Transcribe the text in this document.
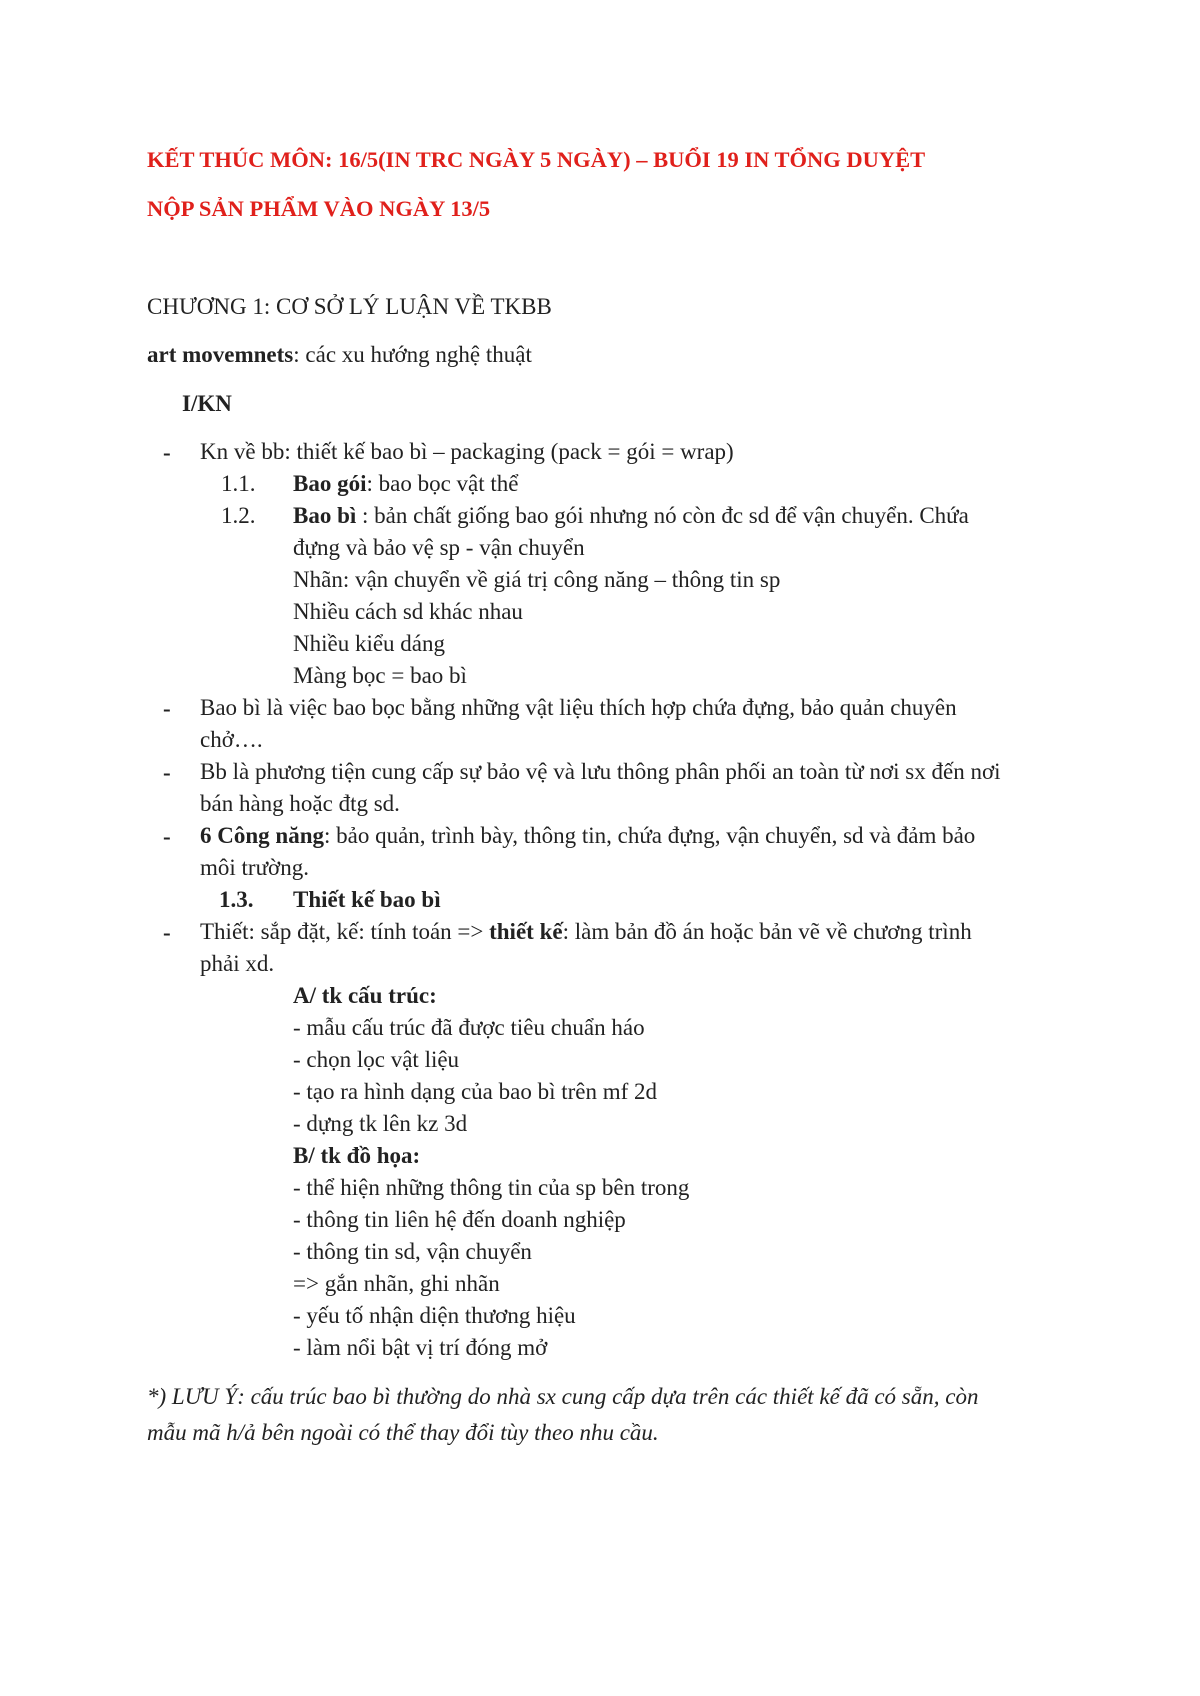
KẾT THÚC MÔN: 16/5(IN TRC NGÀY 5 NGÀY) – BUỔI 19 IN TỔNG DUYỆT
NỘP SẢN PHẨM VÀO NGÀY 13/5
CHƯƠNG 1: CƠ SỞ LÝ LUẬN VỀ TKBB
art movemnets: các xu hướng nghệ thuật
I/KN
- Kn về bb: thiết kế bao bì – packaging (pack = gói = wrap)
1.1. Bao gói: bao bọc vật thể
1.2. Bao bì : bản chất giống bao gói nhưng nó còn đc sd để vận chuyển. Chứa
đựng và bảo vệ sp - vận chuyển
Nhãn: vận chuyển về giá trị công năng – thông tin sp
Nhiều cách sd khác nhau
Nhiều kiểu dáng
Màng bọc = bao bì
- Bao bì là việc bao bọc bằng những vật liệu thích hợp chứa đựng, bảo quản chuyên
chở….
- Bb là phương tiện cung cấp sự bảo vệ và lưu thông phân phối an toàn từ nơi sx đến nơi
bán hàng hoặc đtg sd.
- 6 Công năng: bảo quản, trình bày, thông tin, chứa đựng, vận chuyển, sd và đảm bảo
môi trường.
1.3. Thiết kế bao bì
- Thiết: sắp đặt, kế: tính toán => thiết kế: làm bản đồ án hoặc bản vẽ về chương trình
phải xd.
A/ tk cấu trúc:
- mẫu cấu trúc đã được tiêu chuẩn háo
- chọn lọc vật liệu
- tạo ra hình dạng của bao bì trên mf 2d
- dựng tk lên kz 3d
B/ tk đồ họa:
- thể hiện những thông tin của sp bên trong
- thông tin liên hệ đến doanh nghiệp
- thông tin sd, vận chuyển
=> gắn nhãn, ghi nhãn
- yếu tố nhận diện thương hiệu
- làm nổi bật vị trí đóng mở
*) LƯU Ý: cấu trúc bao bì thường do nhà sx cung cấp dựa trên các thiết kế đã có sẵn, còn
mẫu mã h/ả bên ngoài có thể thay đổi tùy theo nhu cầu.
